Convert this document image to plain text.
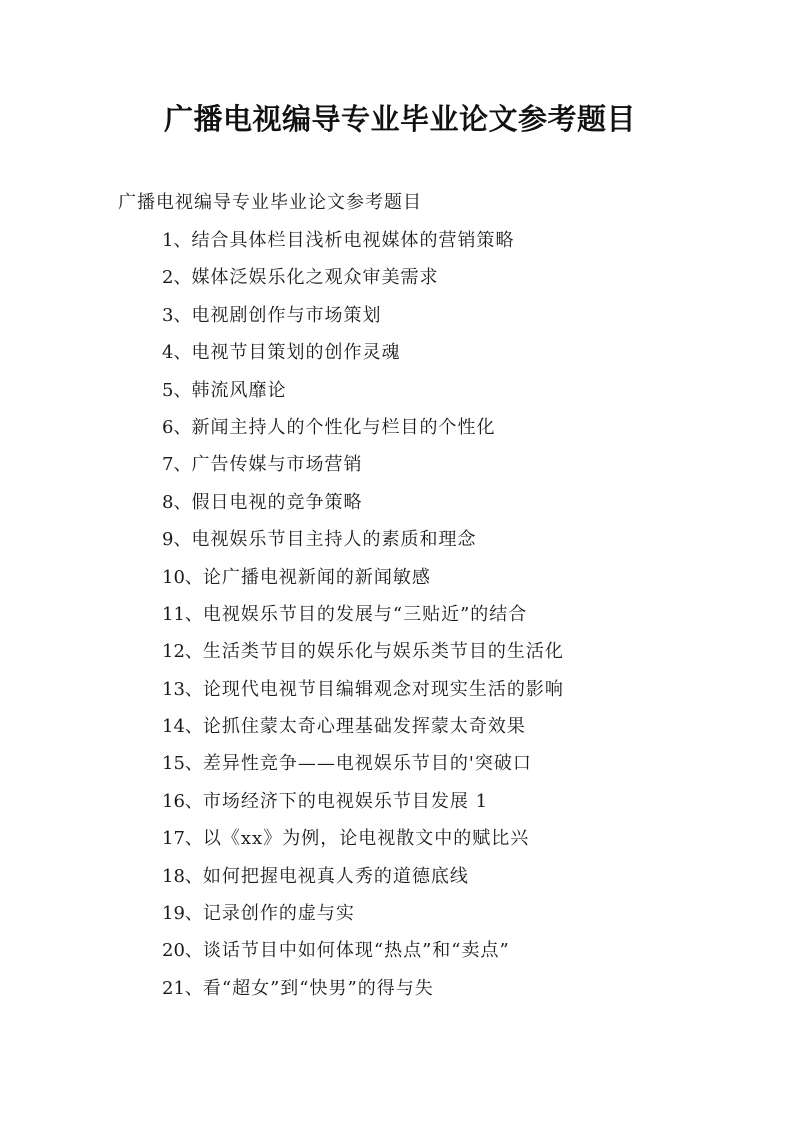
广播电视编导专业毕业论文参考题目
广播电视编导专业毕业论文参考题目
1、结合具体栏目浅析电视媒体的营销策略
2、媒体泛娱乐化之观众审美需求
3、电视剧创作与市场策划
4、电视节目策划的创作灵魂
5、韩流风靡论
6、新闻主持人的个性化与栏目的个性化
7、广告传媒与市场营销
8、假日电视的竞争策略
9、电视娱乐节目主持人的素质和理念
10、论广播电视新闻的新闻敏感
11、电视娱乐节目的发展与“三贴近”的结合
12、生活类节目的娱乐化与娱乐类节目的生活化
13、论现代电视节目编辑观念对现实生活的影响
14、论抓住蒙太奇心理基础发挥蒙太奇效果
15、差异性竞争——电视娱乐节目的'突破口
16、市场经济下的电视娱乐节目发展 1
17、以《xx》为例，论电视散文中的赋比兴
18、如何把握电视真人秀的道德底线
19、记录创作的虚与实
20、谈话节目中如何体现“热点”和“卖点”
21、看“超女”到“快男”的得与失
